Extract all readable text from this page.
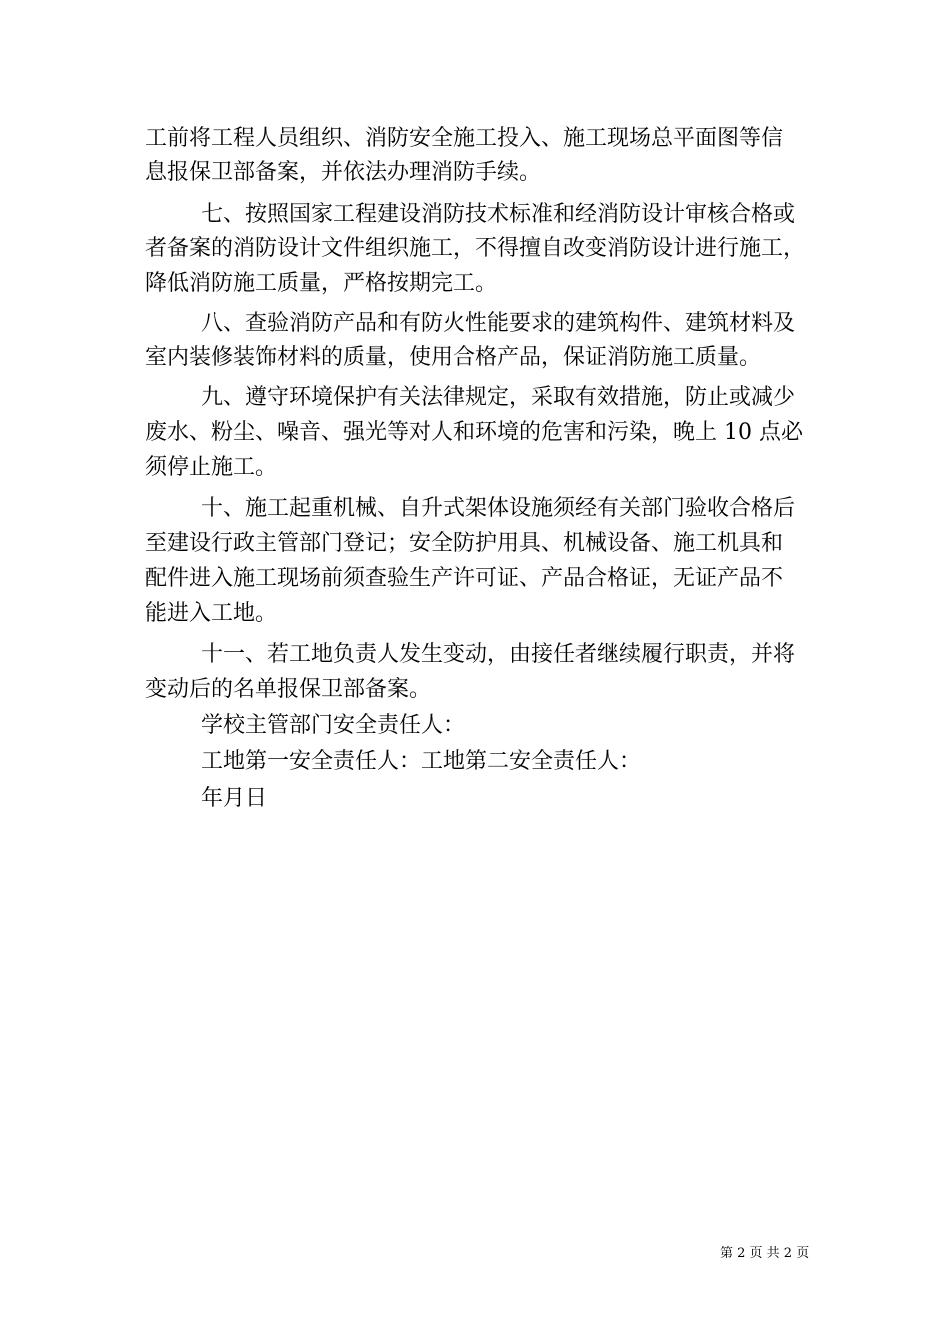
工前将工程人员组织、消防安全施工投入、施工现场总平面图等信
息报保卫部备案，并依法办理消防手续。
七、按照国家工程建设消防技术标准和经消防设计审核合格或
者备案的消防设计文件组织施工，不得擅自改变消防设计进行施工，
降低消防施工质量，严格按期完工。
八、查验消防产品和有防火性能要求的建筑构件、建筑材料及
室内装修装饰材料的质量，使用合格产品，保证消防施工质量。
九、遵守环境保护有关法律规定，采取有效措施，防止或减少
废水、粉尘、噪音、强光等对人和环境的危害和污染，晚上 10 点必
须停止施工。
十、施工起重机械、自升式架体设施须经有关部门验收合格后
至建设行政主管部门登记；安全防护用具、机械设备、施工机具和
配件进入施工现场前须查验生产许可证、产品合格证，无证产品不
能进入工地。
十一、若工地负责人发生变动，由接任者继续履行职责，并将
变动后的名单报保卫部备案。
学校主管部门安全责任人：
工地第一安全责任人：工地第二安全责任人：
年月日
第 2 页 共 2 页
